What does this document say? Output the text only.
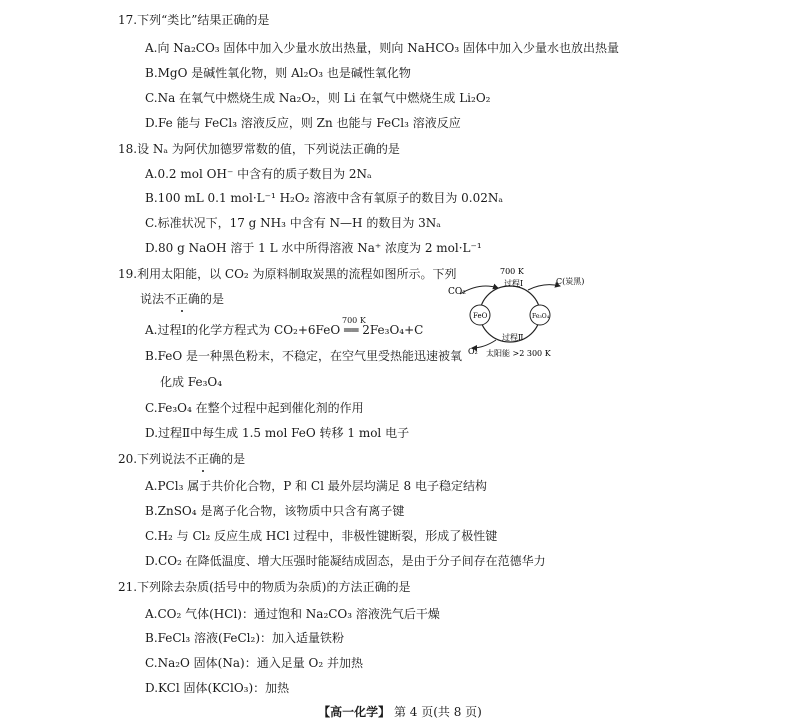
17.下列“类比”结果正确的是
A.向 Na₂CO₃ 固体中加入少量水放出热量，则向 NaHCO₃ 固体中加入少量水也放出热量
B.MgO 是碱性氧化物，则 Al₂O₃ 也是碱性氧化物
C.Na 在氧气中燃烧生成 Na₂O₂，则 Li 在氧气中燃烧生成 Li₂O₂
D.Fe 能与 FeCl₃ 溶液反应，则 Zn 也能与 FeCl₃ 溶液反应
18.设 Nₐ 为阿伏加德罗常数的值，下列说法正确的是
A.0.2 mol OH⁻ 中含有的质子数目为 2Nₐ
B.100 mL 0.1 mol·L⁻¹ H₂O₂ 溶液中含有氧原子的数目为 0.02Nₐ
C.标准状况下，17 g NH₃ 中含有 N—H 的数目为 3Nₐ
D.80 g NaOH 溶于 1 L 水中所得溶液 Na⁺ 浓度为 2 mol·L⁻¹
19.利用太阳能，以 CO₂ 为原料制取炭黑的流程如图所示。下列
说法不正确的是
A.过程Ⅰ的化学方程式为 CO₂+6FeO ══ 2Fe₃O₄+C
700 K
B.FeO 是一种黑色粉末，不稳定，在空气里受热能迅速被氧
化成 Fe₃O₄
C.Fe₃O₄ 在整个过程中起到催化剂的作用
D.过程Ⅱ中每生成 1.5 mol FeO 转移 1 mol 电子
700 K
过程Ⅰ
CO₂
C(炭黑)
FeO	Fe₃O₄
过程Ⅱ
O₂ 太阳能 >2 300 K
20.下列说法不正确的是
A.PCl₃ 属于共价化合物，P 和 Cl 最外层均满足 8 电子稳定结构
B.ZnSO₄ 是离子化合物，该物质中只含有离子键
C.H₂ 与 Cl₂ 反应生成 HCl 过程中，非极性键断裂，形成了极性键
D.CO₂ 在降低温度、增大压强时能凝结成固态，是由于分子间存在范德华力
21.下列除去杂质(括号中的物质为杂质)的方法正确的是
A.CO₂ 气体(HCl)：通过饱和 Na₂CO₃ 溶液洗气后干燥
B.FeCl₃ 溶液(FeCl₂)：加入适量铁粉
C.Na₂O 固体(Na)：通入足量 O₂ 并加热
D.KCl 固体(KClO₃)：加热
【高一化学】 第 4 页(共 8 页)
